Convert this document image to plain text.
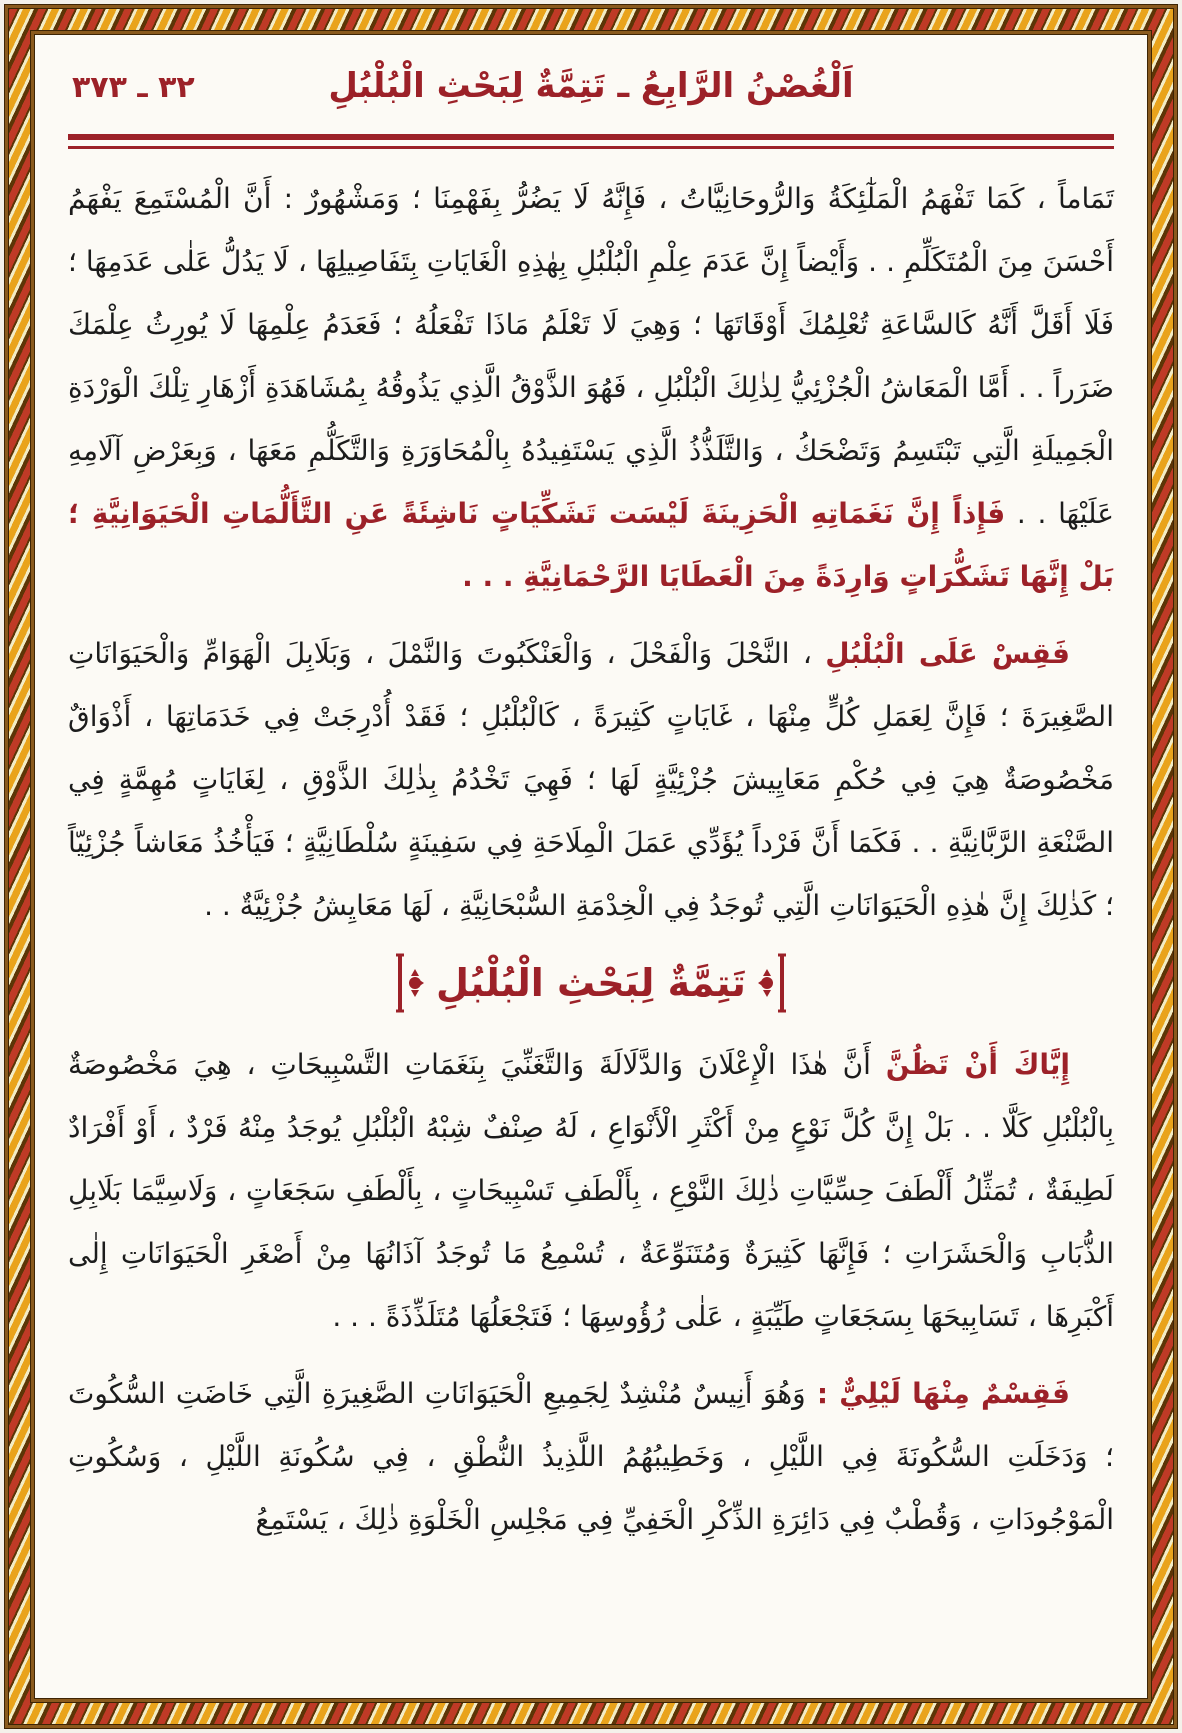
اَلْغُصْنُ الرَّابِعُ ـ تَتِمَّةٌ لِبَحْثِ الْبُلْبُلِ
٣٢ ـ ٣٧٣

تَمَاماً ، كَمَا تَفْهَمُ الْمَلٰٓئِكَةُ وَالرُّوحَانِيَّاتُ ، فَإِنَّهُ لَا يَضُرُّ بِفَهْمِنَا ؛ وَمَشْهُورٌ : أَنَّ الْمُسْتَمِعَ يَفْهَمُ أَحْسَنَ مِنَ الْمُتَكَلِّمِ . . وَأَيْضاً إِنَّ عَدَمَ عِلْمِ الْبُلْبُلِ بِهٰذِهِ الْغَايَاتِ بِتَفَاصِيلِهَا ، لَا يَدُلُّ عَلٰى عَدَمِهَا ؛ فَلَا أَقَلَّ أَنَّهُ كَالسَّاعَةِ تُعْلِمُكَ أَوْقَاتَهَا ؛ وَهِيَ لَا تَعْلَمُ مَاذَا تَفْعَلُهُ ؛ فَعَدَمُ عِلْمِهَا لَا يُورِثُ عِلْمَكَ ضَرَراً . . أَمَّا الْمَعَاشُ الْجُزْئِيُّ لِذٰلِكَ الْبُلْبُلِ ، فَهُوَ الذَّوْقُ الَّذِي يَذُوقُهُ بِمُشَاهَدَةِ أَزْهَارِ تِلْكَ الْوَرْدَةِ الْجَمِيلَةِ الَّتِي تَبْتَسِمُ وَتَضْحَكُ ، وَالتَّلَذُّذُ الَّذِي يَسْتَفِيدُهُ بِالْمُحَاوَرَةِ وَالتَّكَلُّمِ مَعَهَا ، وَبِعَرْضِ آلَامِهِ عَلَيْهَا . . فَإِذاً إِنَّ نَغَمَاتِهِ الْحَزِينَةَ لَيْسَت تَشَكِّيَاتٍ نَاشِئَةً عَنِ التَّأَلُّمَاتِ الْحَيَوَانِيَّةِ ؛ بَلْ إِنَّهَا تَشَكُّرَاتٍ وَارِدَةً مِنَ الْعَطَايَا الرَّحْمَانِيَّةِ . . .

فَقِسْ عَلَى الْبُلْبُلِ ، النَّحْلَ وَالْفَحْلَ ، وَالْعَنْكَبُوتَ وَالنَّمْلَ ، وَبَلَابِلَ الْهَوَامِّ وَالْحَيَوَانَاتِ الصَّغِيرَةَ ؛ فَإِنَّ لِعَمَلِ كُلٍّ مِنْهَا ، غَايَاتٍ كَثِيرَةً ، كَالْبُلْبُلِ ؛ فَقَدْ أُدْرِجَتْ فِي خَدَمَاتِهَا ، أَذْوَاقٌ مَخْصُوصَةٌ هِيَ فِي حُكْمِ مَعَايِيشَ جُزْئِيَّةٍ لَهَا ؛ فَهِيَ تَخْدُمُ بِذٰلِكَ الذَّوْقِ ، لِغَايَاتٍ مُهِمَّةٍ فِي الصَّنْعَةِ الرَّبَّانِيَّةِ . . فَكَمَا أَنَّ فَرْداً يُؤَدِّي عَمَلَ الْمِلَاحَةِ فِي سَفِينَةٍ سُلْطَانِيَّةٍ ؛ فَيَأْخُذُ مَعَاشاً جُزْئِيّاً ؛ كَذٰلِكَ إِنَّ هٰذِهِ الْحَيَوَانَاتِ الَّتِي تُوجَدُ فِي الْخِدْمَةِ السُّبْحَانِيَّةِ ، لَهَا مَعَايِشُ جُزْئِيَّةٌ . .

تَتِمَّةٌ لِبَحْثِ الْبُلْبُلِ

إِيَّاكَ أَنْ تَظُنَّ أَنَّ هٰذَا الْإِعْلَانَ وَالدَّلَالَةَ وَالتَّغَنِّيَ بِنَغَمَاتِ التَّسْبِيحَاتِ ، هِيَ مَخْصُوصَةٌ بِالْبُلْبُلِ كَلَّا . . بَلْ إِنَّ كُلَّ نَوْعٍ مِنْ أَكْثَرِ الْأَنْوَاعِ ، لَهُ صِنْفٌ شِبْهُ الْبُلْبُلِ يُوجَدُ مِنْهُ فَرْدٌ ، أَوْ أَفْرَادٌ لَطِيفَةٌ ، تُمَثِّلُ أَلْطَفَ حِسِّيَّاتِ ذٰلِكَ النَّوْعِ ، بِأَلْطَفِ تَسْبِيحَاتٍ ، بِأَلْطَفِ سَجَعَاتٍ ، وَلَاسِيَّمَا بَلَابِلِ الذُّبَابِ وَالْحَشَرَاتِ ؛ فَإِنَّهَا كَثِيرَةٌ وَمُتَنَوِّعَةٌ ، تُسْمِعُ مَا تُوجَدُ آذَانُهَا مِنْ أَصْغَرِ الْحَيَوَانَاتِ إِلٰى أَكْبَرِهَا ، تَسَابِيحَهَا بِسَجَعَاتٍ طَيِّبَةٍ ، عَلٰى رُؤُوسِهَا ؛ فَتَجْعَلُهَا مُتَلَذِّذَةً . . .

فَقِسْمٌ مِنْهَا لَيْلِيٌّ : وَهُوَ أَنِيسٌ مُنْشِدٌ لِجَمِيعِ الْحَيَوَانَاتِ الصَّغِيرَةِ الَّتِي خَاضَتِ السُّكُوتَ ؛ وَدَخَلَتِ السُّكُونَةَ فِي اللَّيْلِ ، وَخَطِيبُهُمُ اللَّذِيذُ النُّطْقِ ، فِي سُكُونَةِ اللَّيْلِ ، وَسُكُوتِ الْمَوْجُودَاتِ ، وَقُطْبٌ فِي دَائِرَةِ الذِّكْرِ الْخَفِيِّ فِي مَجْلِسِ الْخَلْوَةِ ذٰلِكَ ، يَسْتَمِعُ
